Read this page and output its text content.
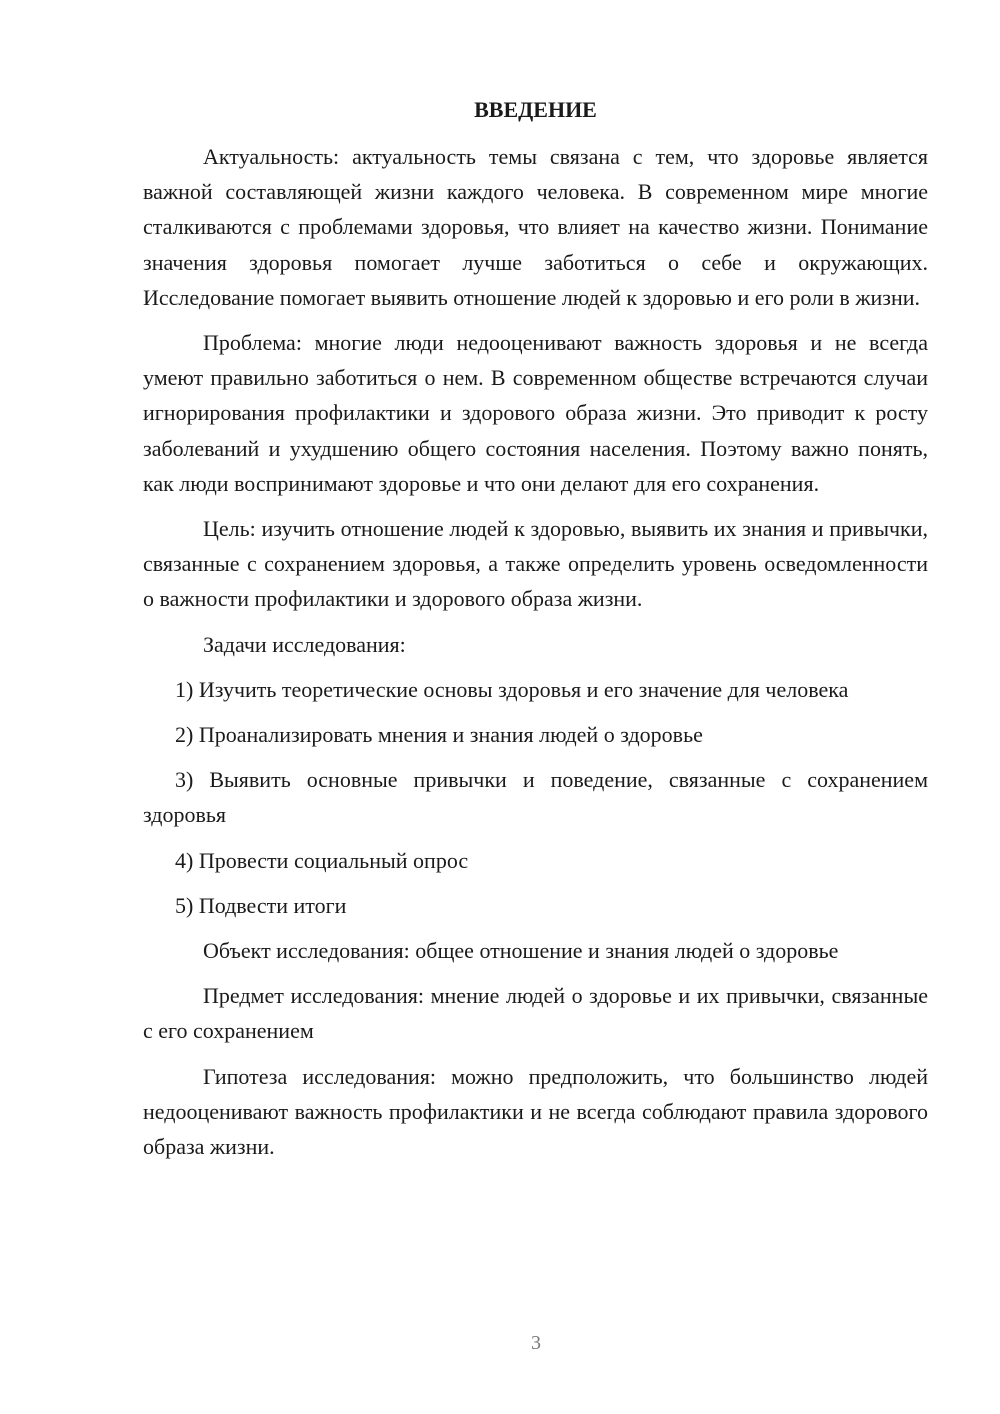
ВВЕДЕНИЕ

Актуальность: актуальность темы связана с тем, что здоровье является важной составляющей жизни каждого человека. В современном мире многие сталкиваются с проблемами здоровья, что влияет на качество жизни. Понимание значения здоровья помогает лучше заботиться о себе и окружающих. Исследование помогает выявить отношение людей к здоровью и его роли в жизни.

Проблема: многие люди недооценивают важность здоровья и не всегда умеют правильно заботиться о нем. В современном обществе встречаются случаи игнорирования профилактики и здорового образа жизни. Это приводит к росту заболеваний и ухудшению общего состояния населения. Поэтому важно понять, как люди воспринимают здоровье и что они делают для его сохранения.

Цель: изучить отношение людей к здоровью, выявить их знания и привычки, связанные с сохранением здоровья, а также определить уровень осведомленности о важности профилактики и здорового образа жизни.

Задачи исследования:

1) Изучить теоретические основы здоровья и его значение для человека

2) Проанализировать мнения и знания людей о здоровье

3) Выявить основные привычки и поведение, связанные с сохранением здоровья

4) Провести социальный опрос

5) Подвести итоги

Объект исследования: общее отношение и знания людей о здоровье

Предмет исследования: мнение людей о здоровье и их привычки, связанные с его сохранением

Гипотеза исследования: можно предположить, что большинство людей недооценивают важность профилактики и не всегда соблюдают правила здорового образа жизни.

3
